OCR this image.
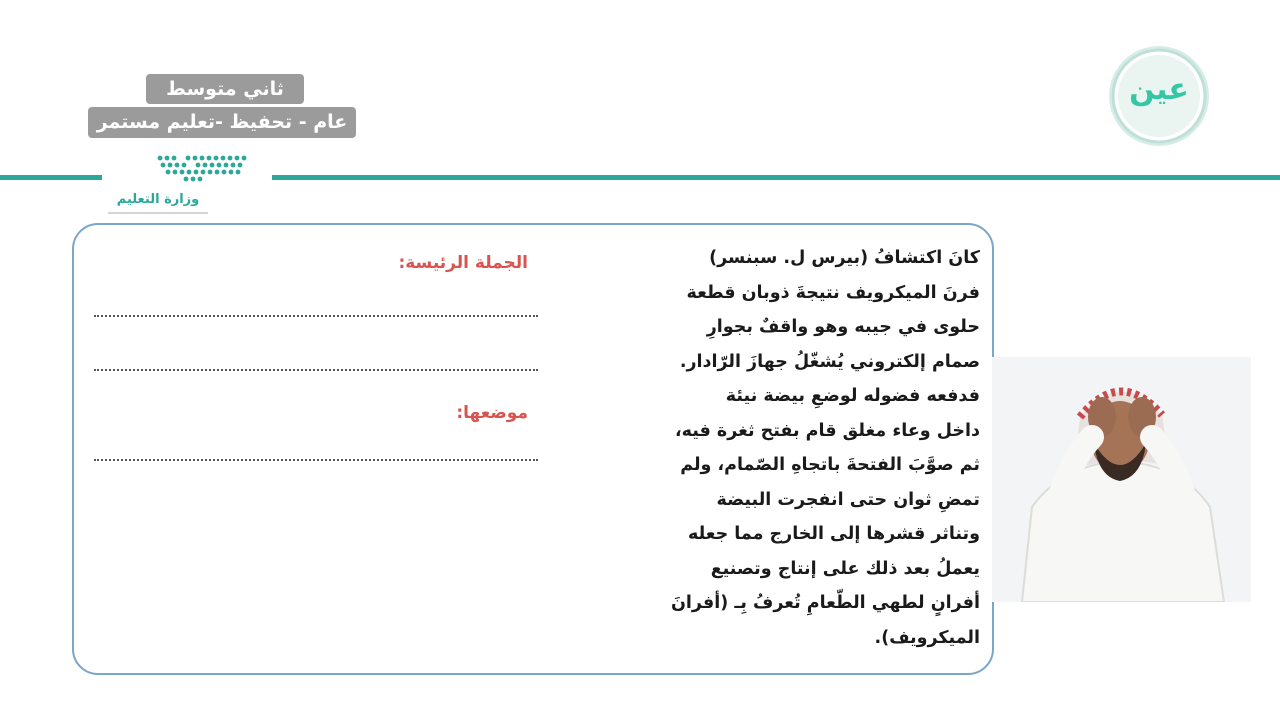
ثاني متوسط
عام - تحفيظ -تعليم مستمر
وزارة التعليم
عين
كانَ اكتشافُ (بيرس ل. سبنسر)
فرنَ الميكرويف نتيجةَ ذوبان قطعة
حلوى في جيبه وهو واقفٌ بجوارِ
صمام إلكتروني يُشغّلُ جهازَ الرّادار.
فدفعه فضوله لوضعِ بيضة نيئة
داخل وعاء مغلق قام بفتح ثغرة فيه،
ثم صوَّبَ الفتحةَ باتجاهِ الصّمام، ولم
تمضِ ثوان حتى انفجرت البيضة
وتناثر قشرها إلى الخارج مما جعله
يعملُ بعد ذلك على إنتاج وتصنيع
أفرانٍ لطهي الطّعامِ تُعرفُ بِـ (أفرانَ
الميكرويف).
الجملة الرئيسة:
موضعها:
